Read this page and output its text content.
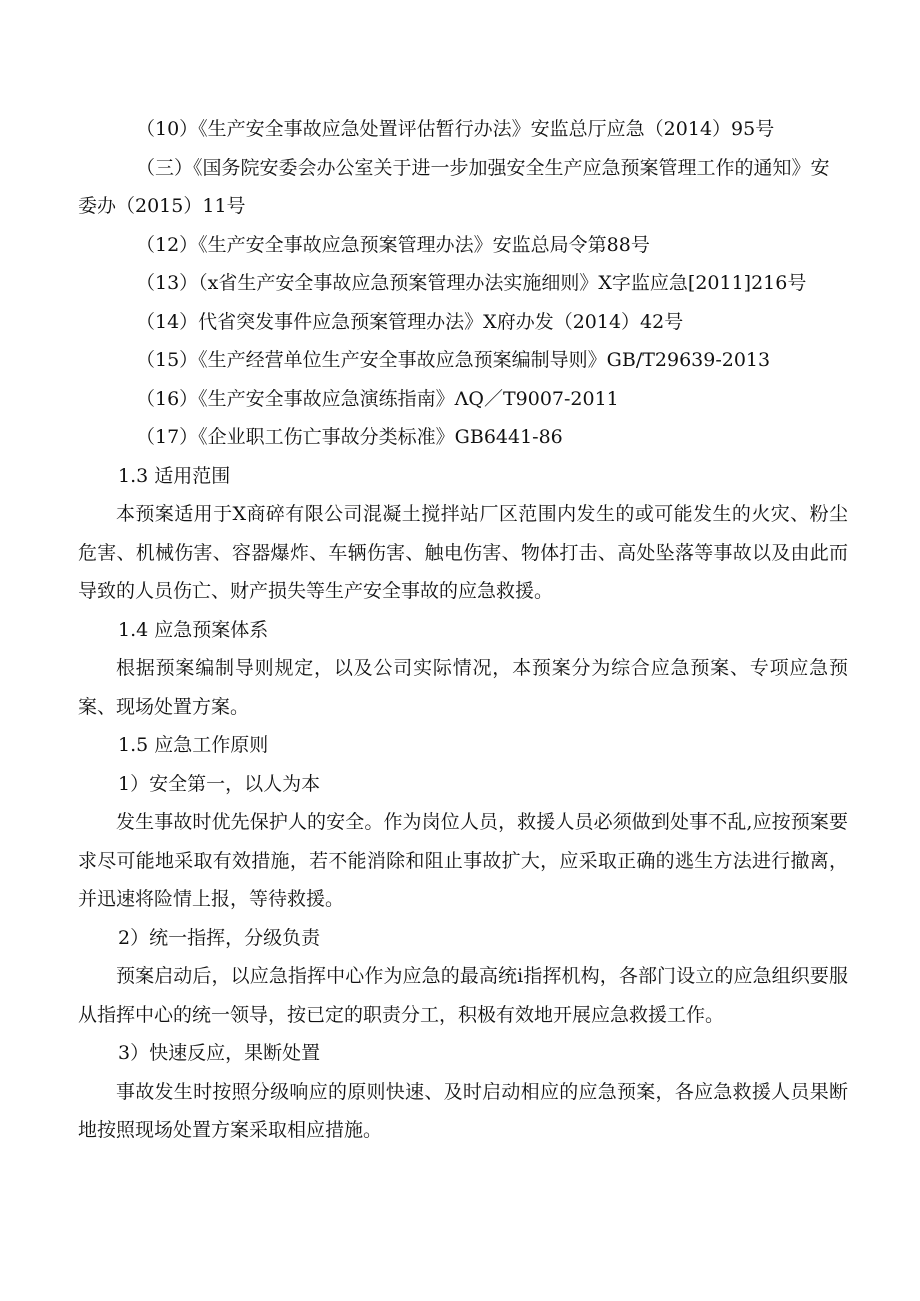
（10）《生产安全事故应急处置评估暂行办法》安监总厅应急（2014）95号

（三）《国务院安委会办公室关于进一步加强安全生产应急预案管理工作的通知》安委办（2015）11号

（12）《生产安全事故应急预案管理办法》安监总局令第88号

（13）（x省生产安全事故应急预案管理办法实施细则》X字监应急[2011]216号

（14）代省突发事件应急预案管理办法》X府办发（2014）42号

（15）《生产经营单位生产安全事故应急预案编制导则》GB/T29639-2013

（16）《生产安全事故应急演练指南》ΛQ／T9007-2011

（17）《企业职工伤亡事故分类标准》GB6441-86

1.3 适用范围

本预案适用于X商碎有限公司混凝土搅拌站厂区范围内发生的或可能发生的火灾、粉尘危害、机械伤害、容器爆炸、车辆伤害、触电伤害、物体打击、高处坠落等事故以及由此而导致的人员伤亡、财产损失等生产安全事故的应急救援。

1.4 应急预案体系

根据预案编制导则规定，以及公司实际情况，本预案分为综合应急预案、专项应急预案、现场处置方案。

1.5 应急工作原则

1）安全第一，以人为本

发生事故时优先保护人的安全。作为岗位人员，救援人员必须做到处事不乱,应按预案要求尽可能地采取有效措施，若不能消除和阻止事故扩大，应采取正确的逃生方法进行撤离，并迅速将险情上报，等待救援。

2）统一指挥，分级负责

预案启动后，以应急指挥中心作为应急的最高统i指挥机构，各部门设立的应急组织要服从指挥中心的统一领导，按已定的职责分工，积极有效地开展应急救援工作。

3）快速反应，果断处置

事故发生时按照分级响应的原则快速、及时启动相应的应急预案，各应急救援人员果断地按照现场处置方案采取相应措施。
